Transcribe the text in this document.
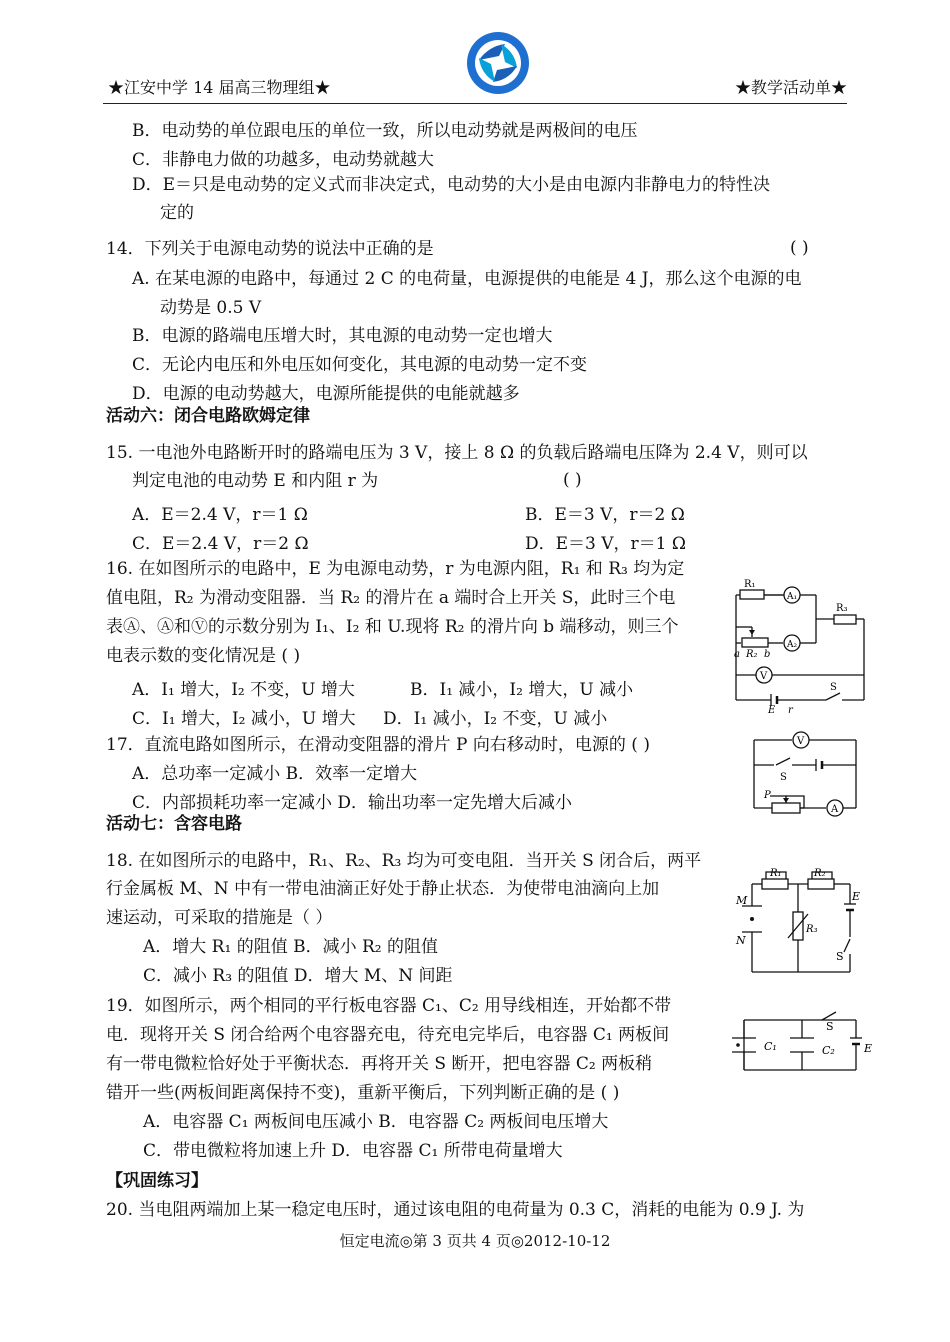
★江安中学 14 届高三物理组★	★教学活动单★
B．电动势的单位跟电压的单位一致，所以电动势就是两极间的电压
C．非静电力做的功越多，电动势就越大
D．E＝只是电动势的定义式而非决定式，电动势的大小是由电源内非静电力的特性决
定的
14．下列关于电源电动势的说法中正确的是	( )
A. 在某电源的电路中，每通过 2 C 的电荷量，电源提供的电能是 4 J，那么这个电源的电
动势是 0.5 V
B．电源的路端电压增大时，其电源的电动势一定也增大
C．无论内电压和外电压如何变化，其电源的电动势一定不变
D．电源的电动势越大，电源所能提供的电能就越多
活动六：闭合电路欧姆定律
15. 一电池外电路断开时的路端电压为 3 V，接上 8 Ω 的负载后路端电压降为 2.4 V，则可以
判定电池的电动势 E 和内阻 r 为	( )
A．E＝2.4 V，r＝1 Ω	B．E＝3 V，r＝2 Ω
C．E＝2.4 V，r＝2 Ω	D．E＝3 V，r＝1 Ω
16. 在如图所示的电路中，E 为电源电动势，r 为电源内阻，R₁ 和 R₃ 均为定
值电阻，R₂ 为滑动变阻器．当 R₂ 的滑片在 a 端时合上开关 S，此时三个电
表Ⓐ、Ⓐ和Ⓥ的示数分别为 I₁、I₂ 和 U.现将 R₂ 的滑片向 b 端移动，则三个
电表示数的变化情况是 ( )
A．I₁ 增大，I₂ 不变，U 增大	B．I₁ 减小，I₂ 增大，U 减小
C．I₁ 增大，I₂ 减小，U 增大 D．I₁ 减小，I₂ 不变，U 减小
17．直流电路如图所示，在滑动变阻器的滑片 P 向右移动时，电源的 ( )
A．总功率一定减小 B．效率一定增大
C．内部损耗功率一定减小 D．输出功率一定先增大后减小
活动七：含容电路
18. 在如图所示的电路中，R₁、R₂、R₃ 均为可变电阻．当开关 S 闭合后，两平
行金属板 M、N 中有一带电油滴正好处于静止状态．为使带电油滴向上加
速运动，可采取的措施是（ ）
A．增大 R₁ 的阻值 B．减小 R₂ 的阻值
C．减小 R₃ 的阻值 D．增大 M、N 间距
19．如图所示，两个相同的平行板电容器 C₁、C₂ 用导线相连，开始都不带
电．现将开关 S 闭合给两个电容器充电，待充电完毕后，电容器 C₁ 两板间
有一带电微粒恰好处于平衡状态．再将开关 S 断开，把电容器 C₂ 两板稍
错开一些(两板间距离保持不变)，重新平衡后，下列判断正确的是 ( )
A．电容器 C₁ 两板间电压减小 B．电容器 C₂ 两板间电压增大
C．带电微粒将加速上升 D．电容器 C₁ 所带电荷量增大
【巩固练习】
20. 当电阻两端加上某一稳定电压时，通过该电阻的电荷量为 0.3 C，消耗的电能为 0.9 J. 为
R₁
A₁
R₃
A₂
a R₂ b
V
E r
S
V
S
P
A
R₁	R₂
R₃
M
N
E
S
C₁	C₂
S
E
恒定电流◎第 3 页共 4 页◎2012-10-12
